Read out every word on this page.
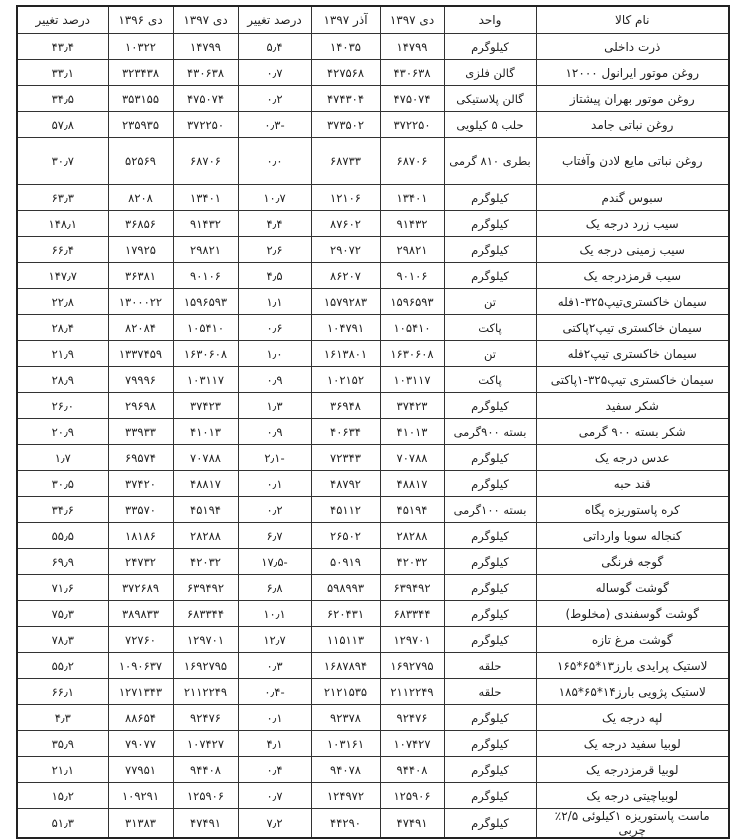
نام کالا	واحد	دی ۱۳۹۷	آذر ۱۳۹۷	درصد تغییر	دی ۱۳۹۷	دی ۱۳۹۶	درصد تغییر
ذرت داخلی	کیلوگرم	۱۴۷۹۹	۱۴۰۳۵	۵٫۴	۱۴۷۹۹	۱۰۳۲۲	۴۳٫۴
روغن موتور ایرانول ۱۲۰۰۰	گالن فلزی	۴۳۰۶۳۸	۴۲۷۵۶۸	۰٫۷	۴۳۰۶۳۸	۳۲۳۴۳۸	۳۳٫۱
روغن موتور بهران پیشتاز	گالن پلاستیکی	۴۷۵۰۷۴	۴۷۴۳۰۴	۰٫۲	۴۷۵۰۷۴	۳۵۳۱۵۵	۳۴٫۵
روغن نباتی جامد	حلب ۵ کیلویی	۳۷۲۲۵۰	۳۷۳۵۰۲	-۰٫۳	۳۷۲۲۵۰	۲۳۵۹۳۵	۵۷٫۸
روغن نباتی مایع لادن وآفتاب	بطری ۸۱۰ گرمی	۶۸۷۰۶	۶۸۷۳۳	۰٫۰	۶۸۷۰۶	۵۲۵۶۹	۳۰٫۷
سبوس گندم	کیلوگرم	۱۳۴۰۱	۱۲۱۰۶	۱۰٫۷	۱۳۴۰۱	۸۲۰۸	۶۳٫۳
سیب زرد درجه یک	کیلوگرم	۹۱۴۳۲	۸۷۶۰۲	۴٫۴	۹۱۴۳۲	۳۶۸۵۶	۱۴۸٫۱
سیب زمینی درجه یک	کیلوگرم	۲۹۸۲۱	۲۹۰۷۲	۲٫۶	۲۹۸۲۱	۱۷۹۲۵	۶۶٫۴
سیب قرمزدرجه یک	کیلوگرم	۹۰۱۰۶	۸۶۲۰۷	۴٫۵	۹۰۱۰۶	۳۶۳۸۱	۱۴۷٫۷
سیمان خاکستری‌تیپ۳۲۵-۱فله	تن	۱۵۹۶۵۹۳	۱۵۷۹۲۸۳	۱٫۱	۱۵۹۶۵۹۳	۱۳۰۰۰۲۲	۲۲٫۸
سیمان خاکستری تیپ۲پاکتی	پاکت	۱۰۵۴۱۰	۱۰۴۷۹۱	۰٫۶	۱۰۵۴۱۰	۸۲۰۸۴	۲۸٫۴
سیمان خاکستری تیپ۲فله	تن	۱۶۳۰۶۰۸	۱۶۱۳۸۰۱	۱٫۰	۱۶۳۰۶۰۸	۱۳۳۷۴۵۹	۲۱٫۹
سیمان خاکستری تیپ۳۲۵-۱پاکتی	پاکت	۱۰۳۱۱۷	۱۰۲۱۵۲	۰٫۹	۱۰۳۱۱۷	۷۹۹۹۶	۲۸٫۹
شکر سفید	کیلوگرم	۳۷۴۲۳	۳۶۹۴۸	۱٫۳	۳۷۴۲۳	۲۹۶۹۸	۲۶٫۰
شکر بسته ۹۰۰ گرمی	بسته ۹۰۰گرمی	۴۱۰۱۳	۴۰۶۳۴	۰٫۹	۴۱۰۱۳	۳۳۹۳۳	۲۰٫۹
عدس درجه یک	کیلوگرم	۷۰۷۸۸	۷۲۳۴۳	-۲٫۱	۷۰۷۸۸	۶۹۵۷۴	۱٫۷
قند حبه	کیلوگرم	۴۸۸۱۷	۴۸۷۹۲	۰٫۱	۴۸۸۱۷	۳۷۴۲۰	۳۰٫۵
کره پاستوریزه پگاه	بسته ۱۰۰گرمی	۴۵۱۹۴	۴۵۱۱۲	۰٫۲	۴۵۱۹۴	۳۳۵۷۰	۳۴٫۶
کنجاله سویا وارداتی	کیلوگرم	۲۸۲۸۸	۲۶۵۰۲	۶٫۷	۲۸۲۸۸	۱۸۱۸۶	۵۵٫۵
گوجه فرنگی	کیلوگرم	۴۲۰۳۲	۵۰۹۱۹	-۱۷٫۵	۴۲۰۳۲	۲۴۷۳۲	۶۹٫۹
گوشت گوساله	کیلوگرم	۶۳۹۴۹۲	۵۹۸۹۹۳	۶٫۸	۶۳۹۴۹۲	۳۷۲۶۸۹	۷۱٫۶
گوشت گوسفندی (مخلوط)	کیلوگرم	۶۸۳۳۴۴	۶۲۰۴۳۱	۱۰٫۱	۶۸۳۳۴۴	۳۸۹۸۳۳	۷۵٫۳
گوشت مرغ تازه	کیلوگرم	۱۲۹۷۰۱	۱۱۵۱۱۳	۱۲٫۷	۱۲۹۷۰۱	۷۲۷۶۰	۷۸٫۳
لاستیک پرایدی بارز۱۳*۶۵*۱۶۵	حلقه	۱۶۹۲۷۹۵	۱۶۸۷۸۹۴	۰٫۳	۱۶۹۲۷۹۵	۱۰۹۰۶۳۷	۵۵٫۲
لاستیک پژویی بارز۱۴*۶۵*۱۸۵	حلقه	۲۱۱۲۲۴۹	۲۱۲۱۵۳۵	-۰٫۴	۲۱۱۲۲۴۹	۱۲۷۱۳۴۳	۶۶٫۱
لپه درجه یک	کیلوگرم	۹۲۴۷۶	۹۲۳۷۸	۰٫۱	۹۲۴۷۶	۸۸۶۵۴	۴٫۳
لوبیا سفید درجه یک	کیلوگرم	۱۰۷۴۲۷	۱۰۳۱۶۱	۴٫۱	۱۰۷۴۲۷	۷۹۰۷۷	۳۵٫۹
لوبیا قرمزدرجه یک	کیلوگرم	۹۴۴۰۸	۹۴۰۷۸	۰٫۴	۹۴۴۰۸	۷۷۹۵۱	۲۱٫۱
لوبیاچیتی درجه یک	کیلوگرم	۱۲۵۹۰۶	۱۲۴۹۷۲	۰٫۷	۱۲۵۹۰۶	۱۰۹۲۹۱	۱۵٫۲
ماست پاستوریزه ۱کیلوئی ۲/۵٪ چربی	کیلوگرم	۴۷۴۹۱	۴۴۲۹۰	۷٫۲	۴۷۴۹۱	۳۱۳۸۳	۵۱٫۳
